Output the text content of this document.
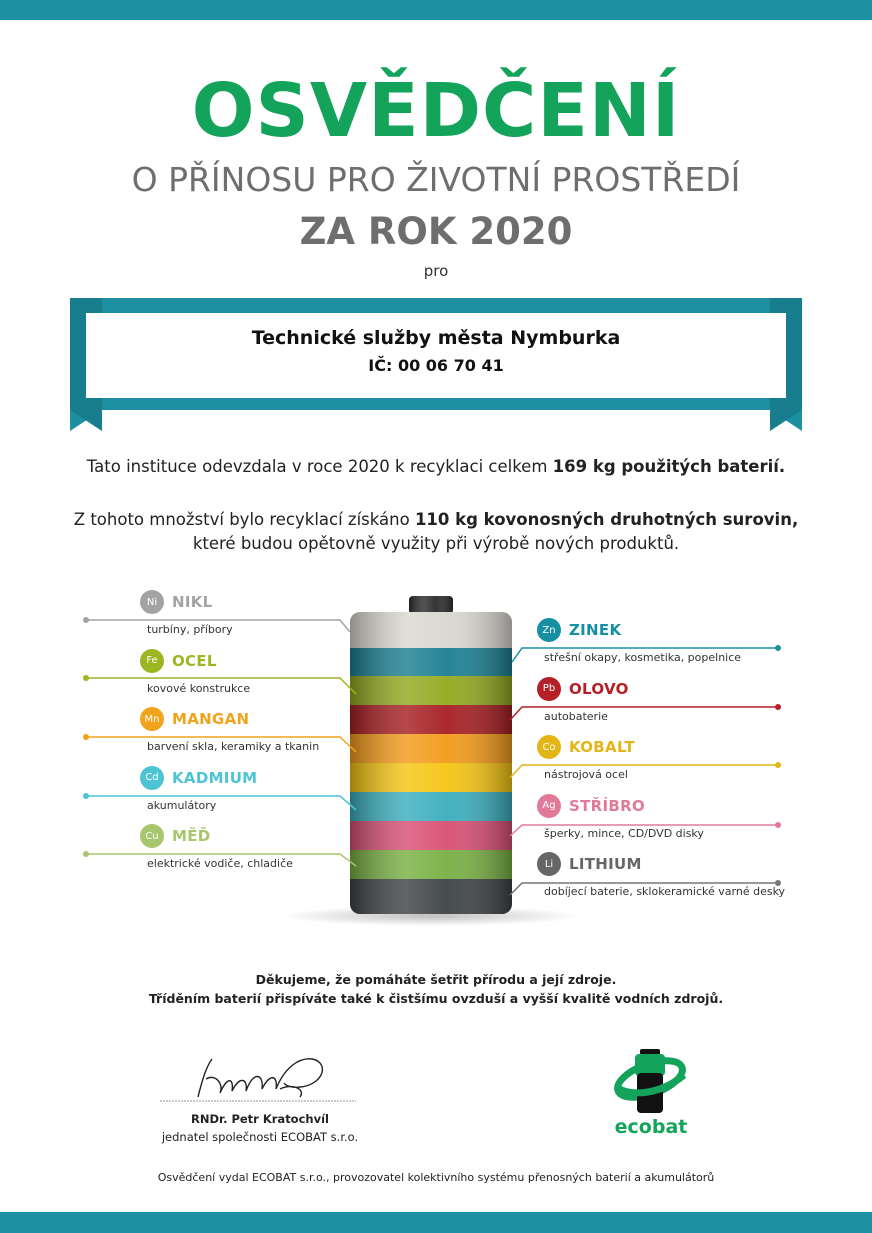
OSVĚDČENÍ
O PŘÍNOSU PRO ŽIVOTNÍ PROSTŘEDÍ
ZA ROK 2020
pro
Technické služby města Nymburka
IČ: 00 06 70 41
Tato instituce odevzdala v roce 2020 k recyklaci celkem 169 kg použitých baterií.
Z tohoto množství bylo recyklací získáno 110 kg kovonosných druhotných surovin,
které budou opětovně využity při výrobě nových produktů.
Ni NIKL
turbíny, příbory
Fe OCEL
kovové konstrukce
Mn MANGAN
barvení skla, keramiky a tkanin
Cd KADMIUM
akumulátory
Cu MĚĎ
elektrické vodiče, chladiče
Zn ZINEK
střešní okapy, kosmetika, popelnice
Pb OLOVO
autobaterie
Co KOBALT
nástrojová ocel
Ag STŘÍBRO
šperky, mince, CD/DVD disky
Li	LITHIUM
dobíjecí baterie, sklokeramické varné desky
Děkujeme, že pomáháte šetřit přírodu a její zdroje.
Tříděním baterií přispíváte také k čistšímu ovzduší a vyšší kvalitě vodních zdrojů.
RNDr. Petr Kratochvíl
jednatel společnosti ECOBAT s.r.o.	ecobat
Osvědčení vydal ECOBAT s.r.o., provozovatel kolektivního systému přenosných baterií a akumulátorů
